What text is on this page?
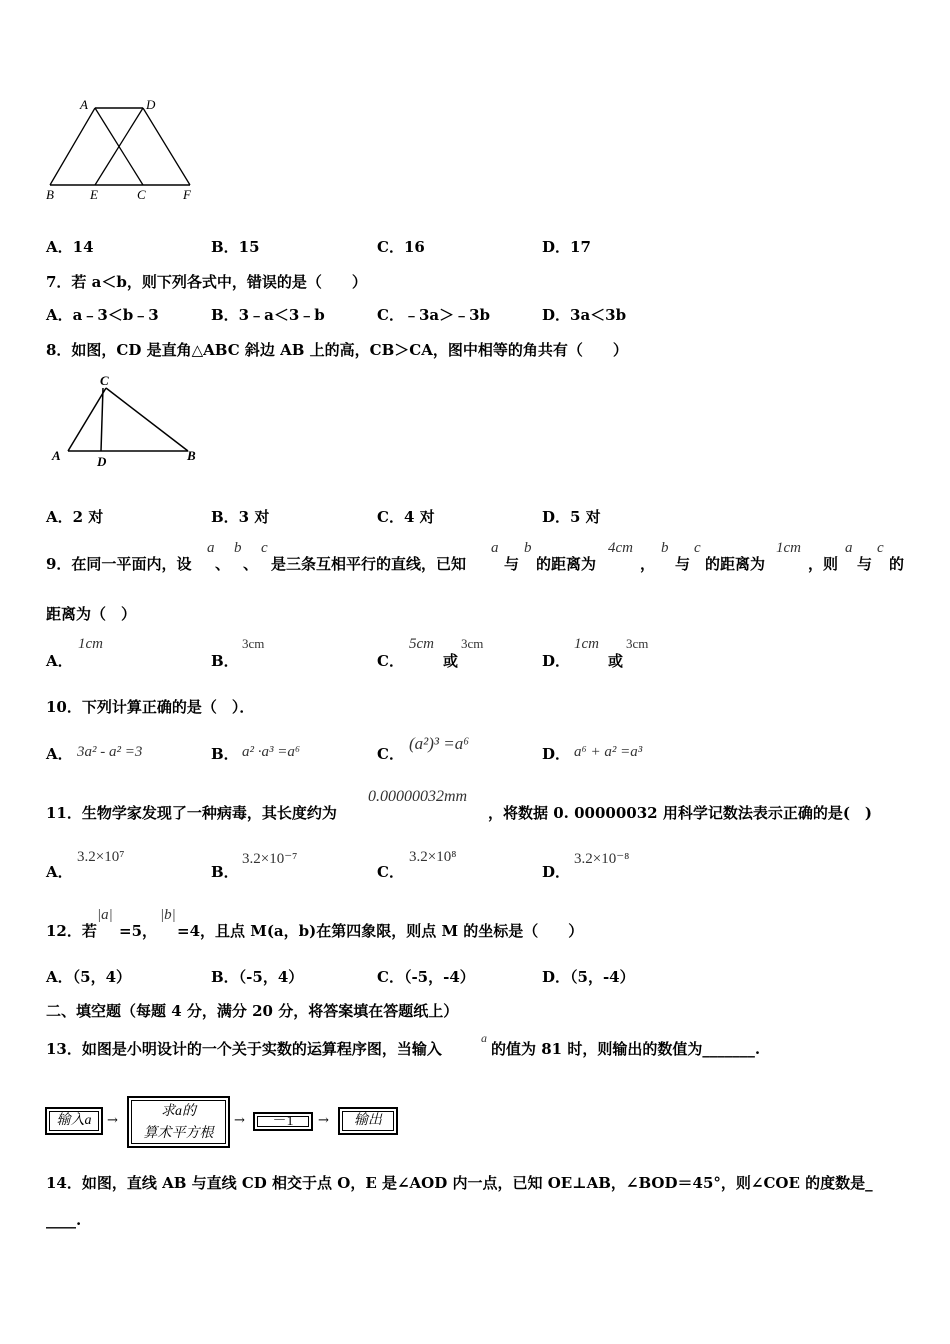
A	D
B	E	C	F
A．14	B．15	C．16	D．17
7．若 a＜b，则下列各式中，错误的是（　　）
A．a﹣3＜b﹣3	B．3﹣a＜3﹣b	C．﹣3a＞﹣3b	D．3a＜3b
8．如图，CD 是直角△ABC 斜边 AB 上的高，CB＞CA，图中相等的角共有（　　）
C
A	D	B
A．2 对	B．3 对	C．4 对	D．5 对
9．在同一平面内，设
a
、
b
、
c
是三条互相平行的直线，已知
a
与
b
的距离为
4cm
，
b
与
c
的距离为
1cm
，则
a
与
c
的
距离为（　）
A．
1cm
B．
3cm
C．
5cm
或
3cm
D．
1cm
或
3cm
10．下列计算正确的是（　）．
A． 3a² - a² =3	B． a² ·a³ =a⁶	C．
(a²)³ =a⁶
D． a⁶ + a² =a³
11．生物学家发现了一种病毒，其长度约为
0.00000032mm
，将数据 0. 00000032 用科学记数法表示正确的是(　)
A．
3.2×10⁷
B．
3.2×10⁻⁷
C．
3.2×10⁸
D．
3.2×10⁻⁸
12．若
|a|
=5，
|b|
=4，且点 M(a，b)在第四象限，则点 M 的坐标是（　　）
A．（5，4）	B．（-5，4）	C．（-5，-4）	D．（5，-4）
二、填空题（每题 4 分，满分 20 分，将答案填在答题纸上）
13．如图是小明设计的一个关于实数的运算程序图，当输入
a
的值为 81 时，则输出的数值为_______.
输入a	→
求a的
算术平方根
→	－1	→	输出
14．如图，直线 AB 与直线 CD 相交于点 O，E 是∠AOD 内一点，已知 OE⊥AB，∠BOD＝45°，则∠COE 的度数是_
____.
